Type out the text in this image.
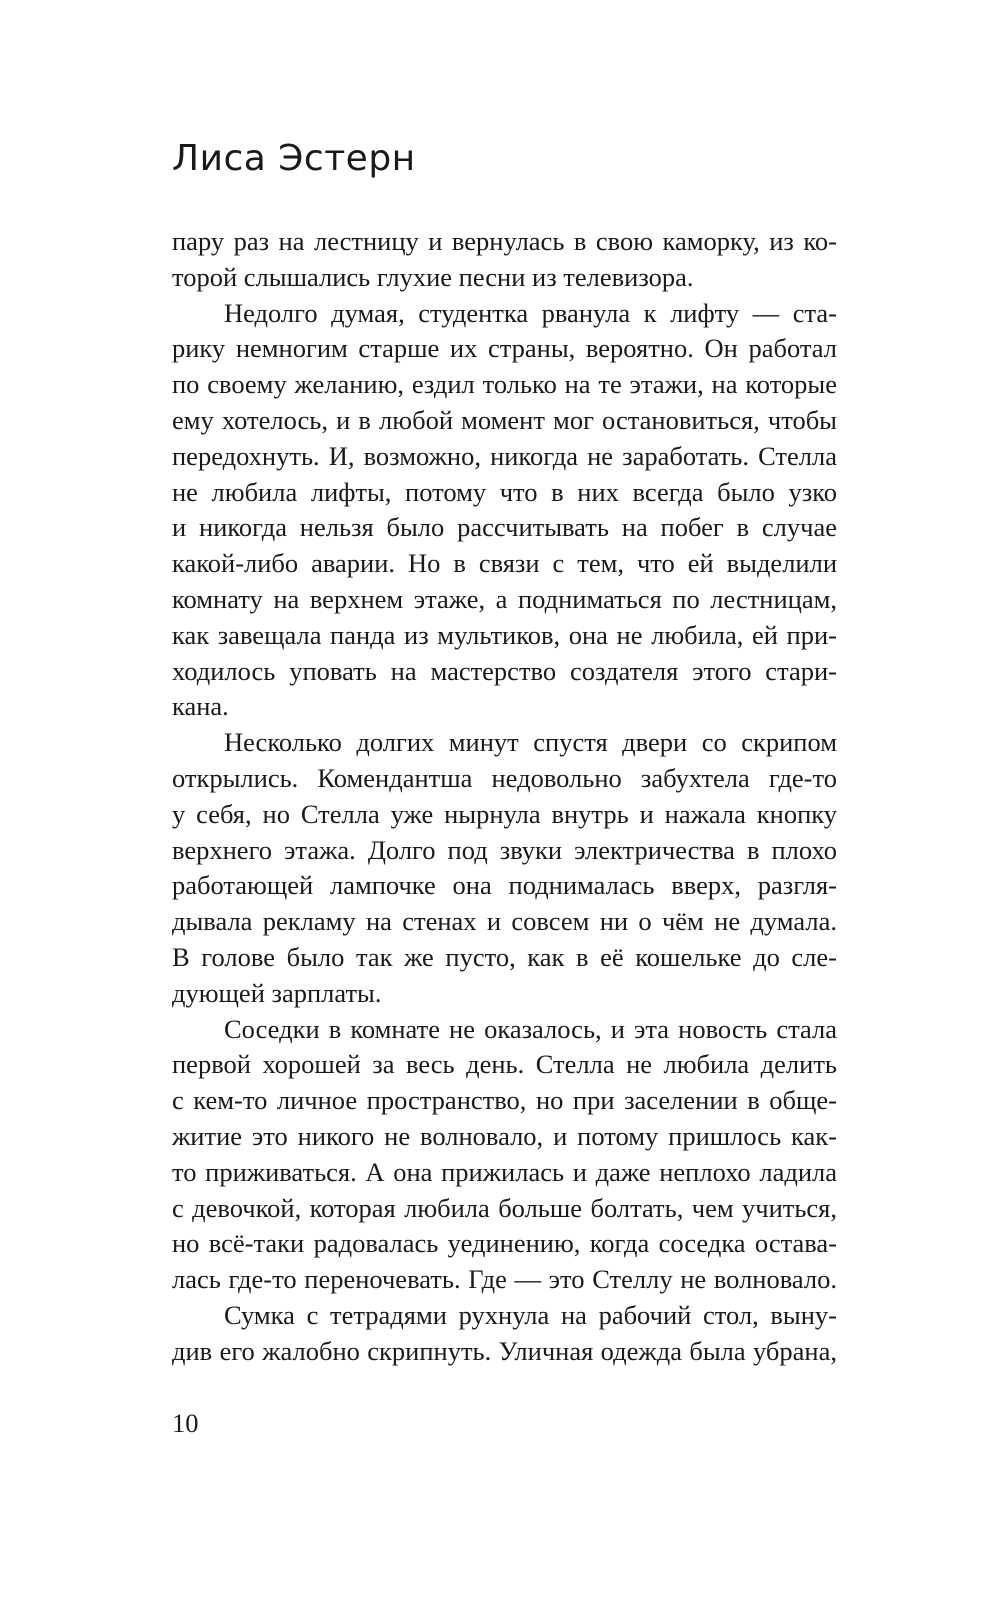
Лиса Эстерн
пару раз на лестницу и вернулась в свою каморку, из ко-
торой слышались глухие песни из телевизора.
Недолго думая, студентка рванула к лифту — ста-
рику немногим старше их страны, вероятно. Он работал
по своему желанию, ездил только на те этажи, на которые
ему хотелось, и в любой момент мог остановиться, чтобы
передохнуть. И, возможно, никогда не заработать. Стелла
не любила лифты, потому что в них всегда было узко
и никогда нельзя было рассчитывать на побег в случае
какой-либо аварии. Но в связи с тем, что ей выделили
комнату на верхнем этаже, а подниматься по лестницам,
как завещала панда из мультиков, она не любила, ей при-
ходилось уповать на мастерство создателя этого стари-
кана.
Несколько долгих минут спустя двери со скрипом
открылись. Комендантша недовольно забухтела где-то
у себя, но Стелла уже нырнула внутрь и нажала кнопку
верхнего этажа. Долго под звуки электричества в плохо
работающей лампочке она поднималась вверх, разгля-
дывала рекламу на стенах и совсем ни о чём не думала.
В голове было так же пусто, как в её кошельке до сле-
дующей зарплаты.
Соседки в комнате не оказалось, и эта новость стала
первой хорошей за весь день. Стелла не любила делить
с кем-то личное пространство, но при заселении в обще-
житие это никого не волновало, и потому пришлось как-
то приживаться. А она прижилась и даже неплохо ладила
с девочкой, которая любила больше болтать, чем учиться,
но всё-таки радовалась уединению, когда соседка остава-
лась где-то переночевать. Где — это Стеллу не волновало.
Сумка с тетрадями рухнула на рабочий стол, выну-
див его жалобно скрипнуть. Уличная одежда была убрана,
10
